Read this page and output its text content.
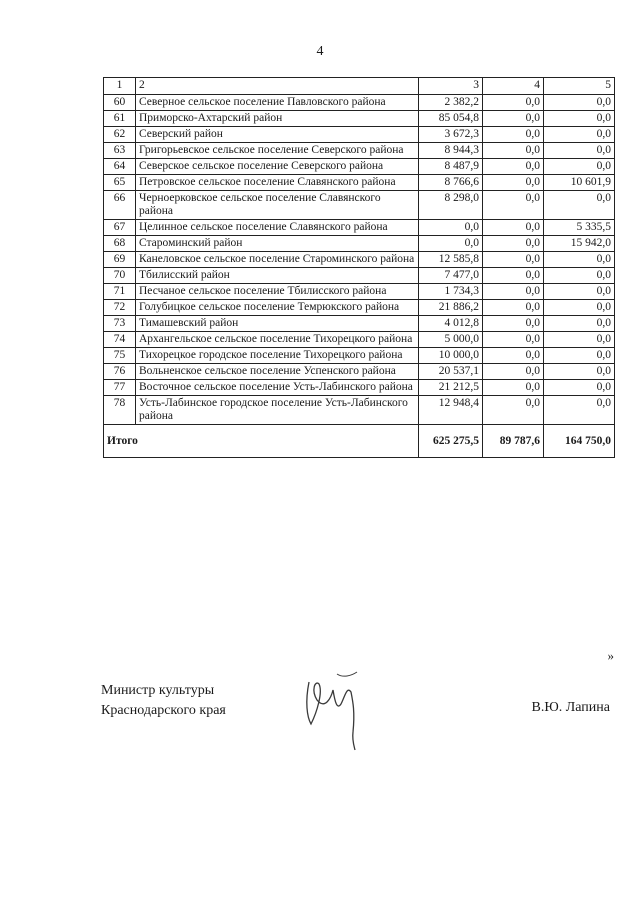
4
1	2	3	4	5
60	Северное сельское поселение Павловского района	2 382,2	0,0	0,0
61	Приморско-Ахтарский район	85 054,8	0,0	0,0
62	Северский район	3 672,3	0,0	0,0
63	Григорьевское сельское поселение Северского района	8 944,3	0,0	0,0
64	Северское сельское поселение Северского района	8 487,9	0,0	0,0
65	Петровское сельское поселение Славянского района	8 766,6	0,0	10 601,9
66	Черноерковское сельское поселение Славянского района	8 298,0	0,0	0,0
67	Целинное сельское поселение Славянского района	0,0	0,0	5 335,5
68	Староминский район	0,0	0,0	15 942,0
69	Канеловское сельское поселение Староминского района	12 585,8	0,0	0,0
70	Тбилисский район	7 477,0	0,0	0,0
71	Песчаное сельское поселение Тбилисского района	1 734,3	0,0	0,0
72	Голубицкое сельское поселение Темрюкского района	21 886,2	0,0	0,0
73	Тимашевский район	4 012,8	0,0	0,0
74	Архангельское сельское поселение Тихорецкого района	5 000,0	0,0	0,0
75	Тихорецкое городское поселение Тихорецкого района	10 000,0	0,0	0,0
76	Вольненское сельское поселение Успенского района	20 537,1	0,0	0,0
77	Восточное сельское поселение Усть-Лабинского района	21 212,5	0,0	0,0
78	Усть-Лабинское городское поселение Усть-Лабинского района	12 948,4	0,0	0,0
Итого		625 275,5	89 787,6	164 750,0
»
Министр культуры
Краснодарского края	В.Ю. Лапина
